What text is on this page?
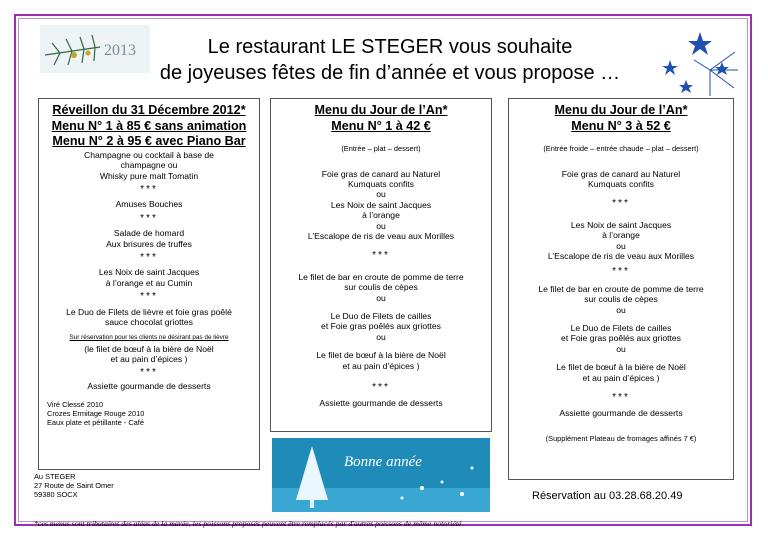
2013	Le restaurant LE STEGER vous souhaite
de joyeuses fêtes de fin d’année et vous propose …
Réveillon du 31 Décembre 2012*
Menu N° 1 à 85 € sans animation
Menu N° 2 à 95 € avec Piano Bar
Champagne ou cocktail à base de
champagne ou
Whisky pure malt Tomatin
***
Amuses Bouches
***
Salade de homard
Aux brisures de truffes
***
Les Noix de saint Jacques
à l’orange et au Cumin
***
Le Duo de Filets de lièvre et foie gras poêlé
sauce chocolat griottes
Sur réservation pour les clients ne désirant pas de lièvre
(le filet de bœuf à la bière de Noël
et au pain d’épices )
***
Assiette gourmande de desserts
Viré Clessé 2010
Crozes Ermitage Rouge 2010
Eaux plate et pétillante - Café
Menu du Jour de l’An*
Menu N° 1 à 42 €
(Entrée – plat – dessert)
Foie gras de canard au Naturel
Kumquats confits
ou
Les Noix de saint Jacques
à l’orange
ou
L’Escalope de ris de veau aux Morilles
***
Le filet de bar en croute de pomme de terre
sur coulis de cèpes
ou
Le Duo de Filets de cailles
et Foie gras poêlés aux griottes
ou
Le filet de bœuf à la bière de Noël
et au pain d’épices )
***
Assiette gourmande de desserts
Menu du Jour de l’An*
Menu N° 3 à 52 €
(Entrée froide – entrée chaude – plat – dessert)
Foie gras de canard au Naturel
Kumquats confits
***
Les Noix de saint Jacques
à l’orange
ou
L’Escalope de ris de veau aux Morilles
***
Le filet de bar en croute de pomme de terre
sur coulis de cèpes
ou
Le Duo de Filets de cailles
et Foie gras poêlés aux griottes
ou
Le filet de bœuf à la bière de Noël
et au pain d’épices )
***
Assiette gourmande de desserts
(Supplément Plateau de fromages affinés 7 €)
Bonne année
Au STEGER
27 Route de Saint Omer
59380 SOCX	Réservation au 03.28.68.20.49
*ces menus sont tributaires des aléas de la marée, les poissons proposés peuvent être remplacés par d'autres poissons de même notoriété
